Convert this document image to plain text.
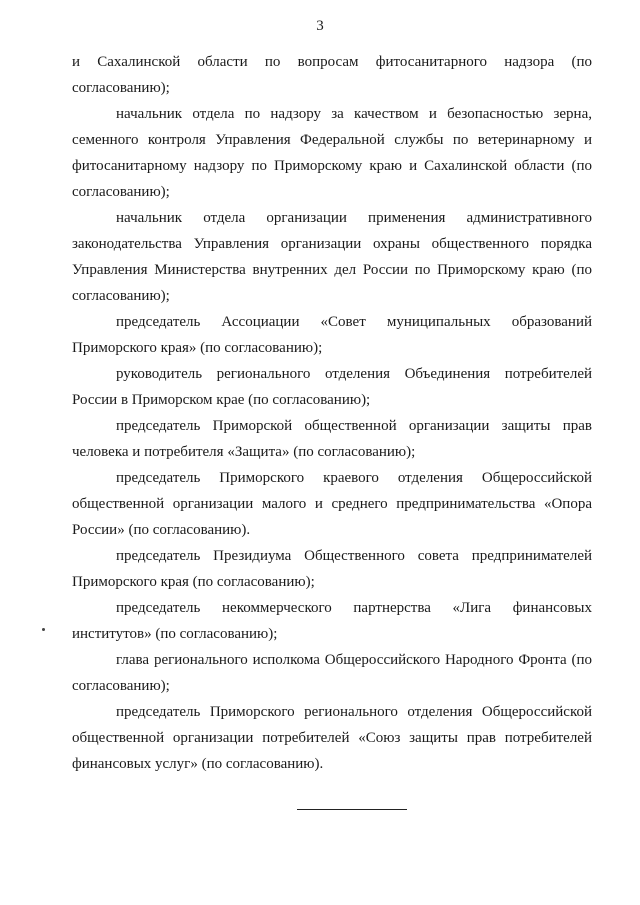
3

и Сахалинской области по вопросам фитосанитарного надзора (по согласованию);

начальник отдела по надзору за качеством и безопасностью зерна, семенного контроля Управления Федеральной службы по ветеринарному и фитосанитарному надзору по Приморскому краю и Сахалинской области (по согласованию);

начальник отдела организации применения административного законодательства Управления организации охраны общественного порядка Управления Министерства внутренних дел России по Приморскому краю (по согласованию);

председатель Ассоциации «Совет муниципальных образований Приморского края» (по согласованию);

руководитель регионального отделения Объединения потребителей России в Приморском крае (по согласованию);

председатель Приморской общественной организации защиты прав человека и потребителя «Защита» (по согласованию);

председатель Приморского краевого отделения Общероссийской общественной организации малого и среднего предпринимательства «Опора России» (по согласованию).

председатель Президиума Общественного совета предпринимателей Приморского края (по согласованию);

председатель некоммерческого партнерства «Лига финансовых институтов» (по согласованию);

глава регионального исполкома Общероссийского Народного Фронта (по согласованию);

председатель Приморского регионального отделения Общероссийской общественной организации потребителей «Союз защиты прав потребителей финансовых услуг» (по согласованию).
